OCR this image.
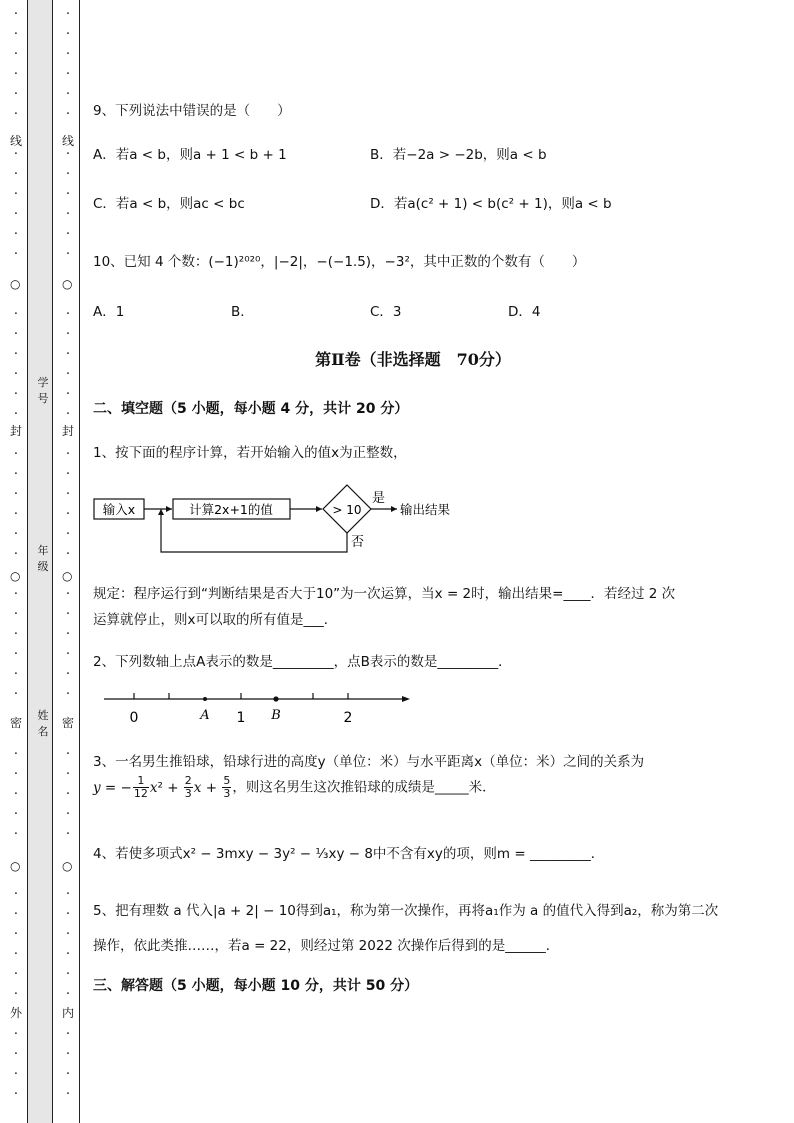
线
○
封
○
密
○
外
·
·
·
·
·
·
·
·
·
·
·
·
·
·
·
·
·
·
·
·
·
·
·
·
·
·
·
·
·
·
·
·
·
·
·
·
·
·
·
·
·
·
·
·
·
线
○
封
○
密
○
内
·
·
·
·
·
·
·
·
·
·
·
·
·
·
·
·
·
·
·
·
·
·
·
·
·
·
·
·
·
·
·
·
·
·
·
·
·
·
·
·
·
·
·
·
·
学号
年级
姓名
9、下列说法中错误的是（　　）
A．若a < b，则a + 1 < b + 1	B．若−2a > −2b，则a < b
C．若a < b，则ac < bc	D．若a(c² + 1) < b(c² + 1)，则a < b
10、已知 4 个数：(−1)²⁰²⁰，|−2|，−(−1.5)，−3²，其中正数的个数有（　　）
A．1	B．	C．3	D．4
第Ⅱ卷（非选择题　70分）
二、填空题（5 小题，每小题 4 分，共计 20 分）
1、按下面的程序计算，若开始输入的值x为正整数，
输入x	计算2x+1的值	> 10
是
输出结果
否
规定：程序运行到“判断结果是否大于10”为一次运算，当x = 2时，输出结果=____．若经过 2 次
运算就停止，则x可以取的所有值是___．
2、下列数轴上点A表示的数是_________，点B表示的数是_________．
0	A 1 B	2
3、一名男生推铅球，铅球行进的高度y（单位：米）与水平距离x（单位：米）之间的关系为
y = − $\frac{1}{12} x^2 + \frac{2}{3}$ $x + \frac{5}{3}$ ，则这名男生这次推铅球的成绩是_____米．
4、若使多项式x² − 3mxy − 3y² − ⅓xy − 8中不含有xy的项，则m = _________．
5、把有理数 a 代入|a + 2| − 10得到a₁，称为第一次操作，再将a₁作为 a 的值代入得到a₂，称为第二次
操作，依此类推……，若a = 22，则经过第 2022 次操作后得到的是______．
三、解答题（5 小题，每小题 10 分，共计 50 分）
